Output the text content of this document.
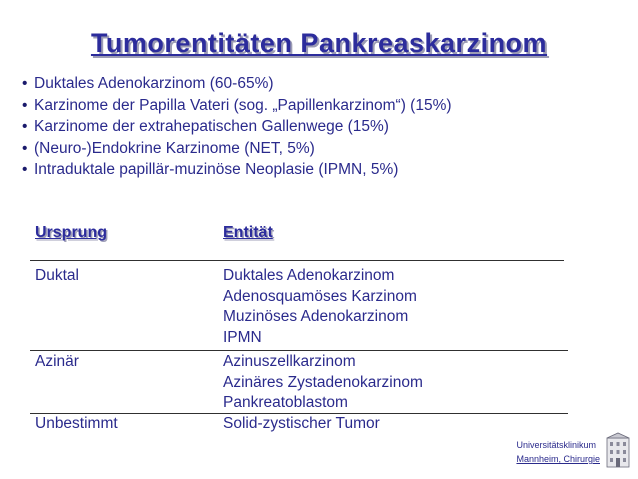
Tumorentitäten Pankreaskarzinom
• Duktales Adenokarzinom (60-65%)
• Karzinome der Papilla Vateri (sog. „Papillenkarzinom“) (15%)
• Karzinome der extrahepatischen Gallenwege (15%)
• (Neuro-)Endokrine Karzinome (NET, 5%)
• Intraduktale papillär-muzinöse Neoplasie (IPMN, 5%)
Ursprung	Entität
Duktal	Duktales Adenokarzinom
Adenosquamöses Karzinom
Muzinöses Adenokarzinom
IPMN
Azinär	Azinuszellkarzinom
Azinäres Zystadenokarzinom
Pankreatoblastom
Unbestimmt	Solid-zystischer Tumor
Universitätsklinikum
Mannheim, Chirurgie
